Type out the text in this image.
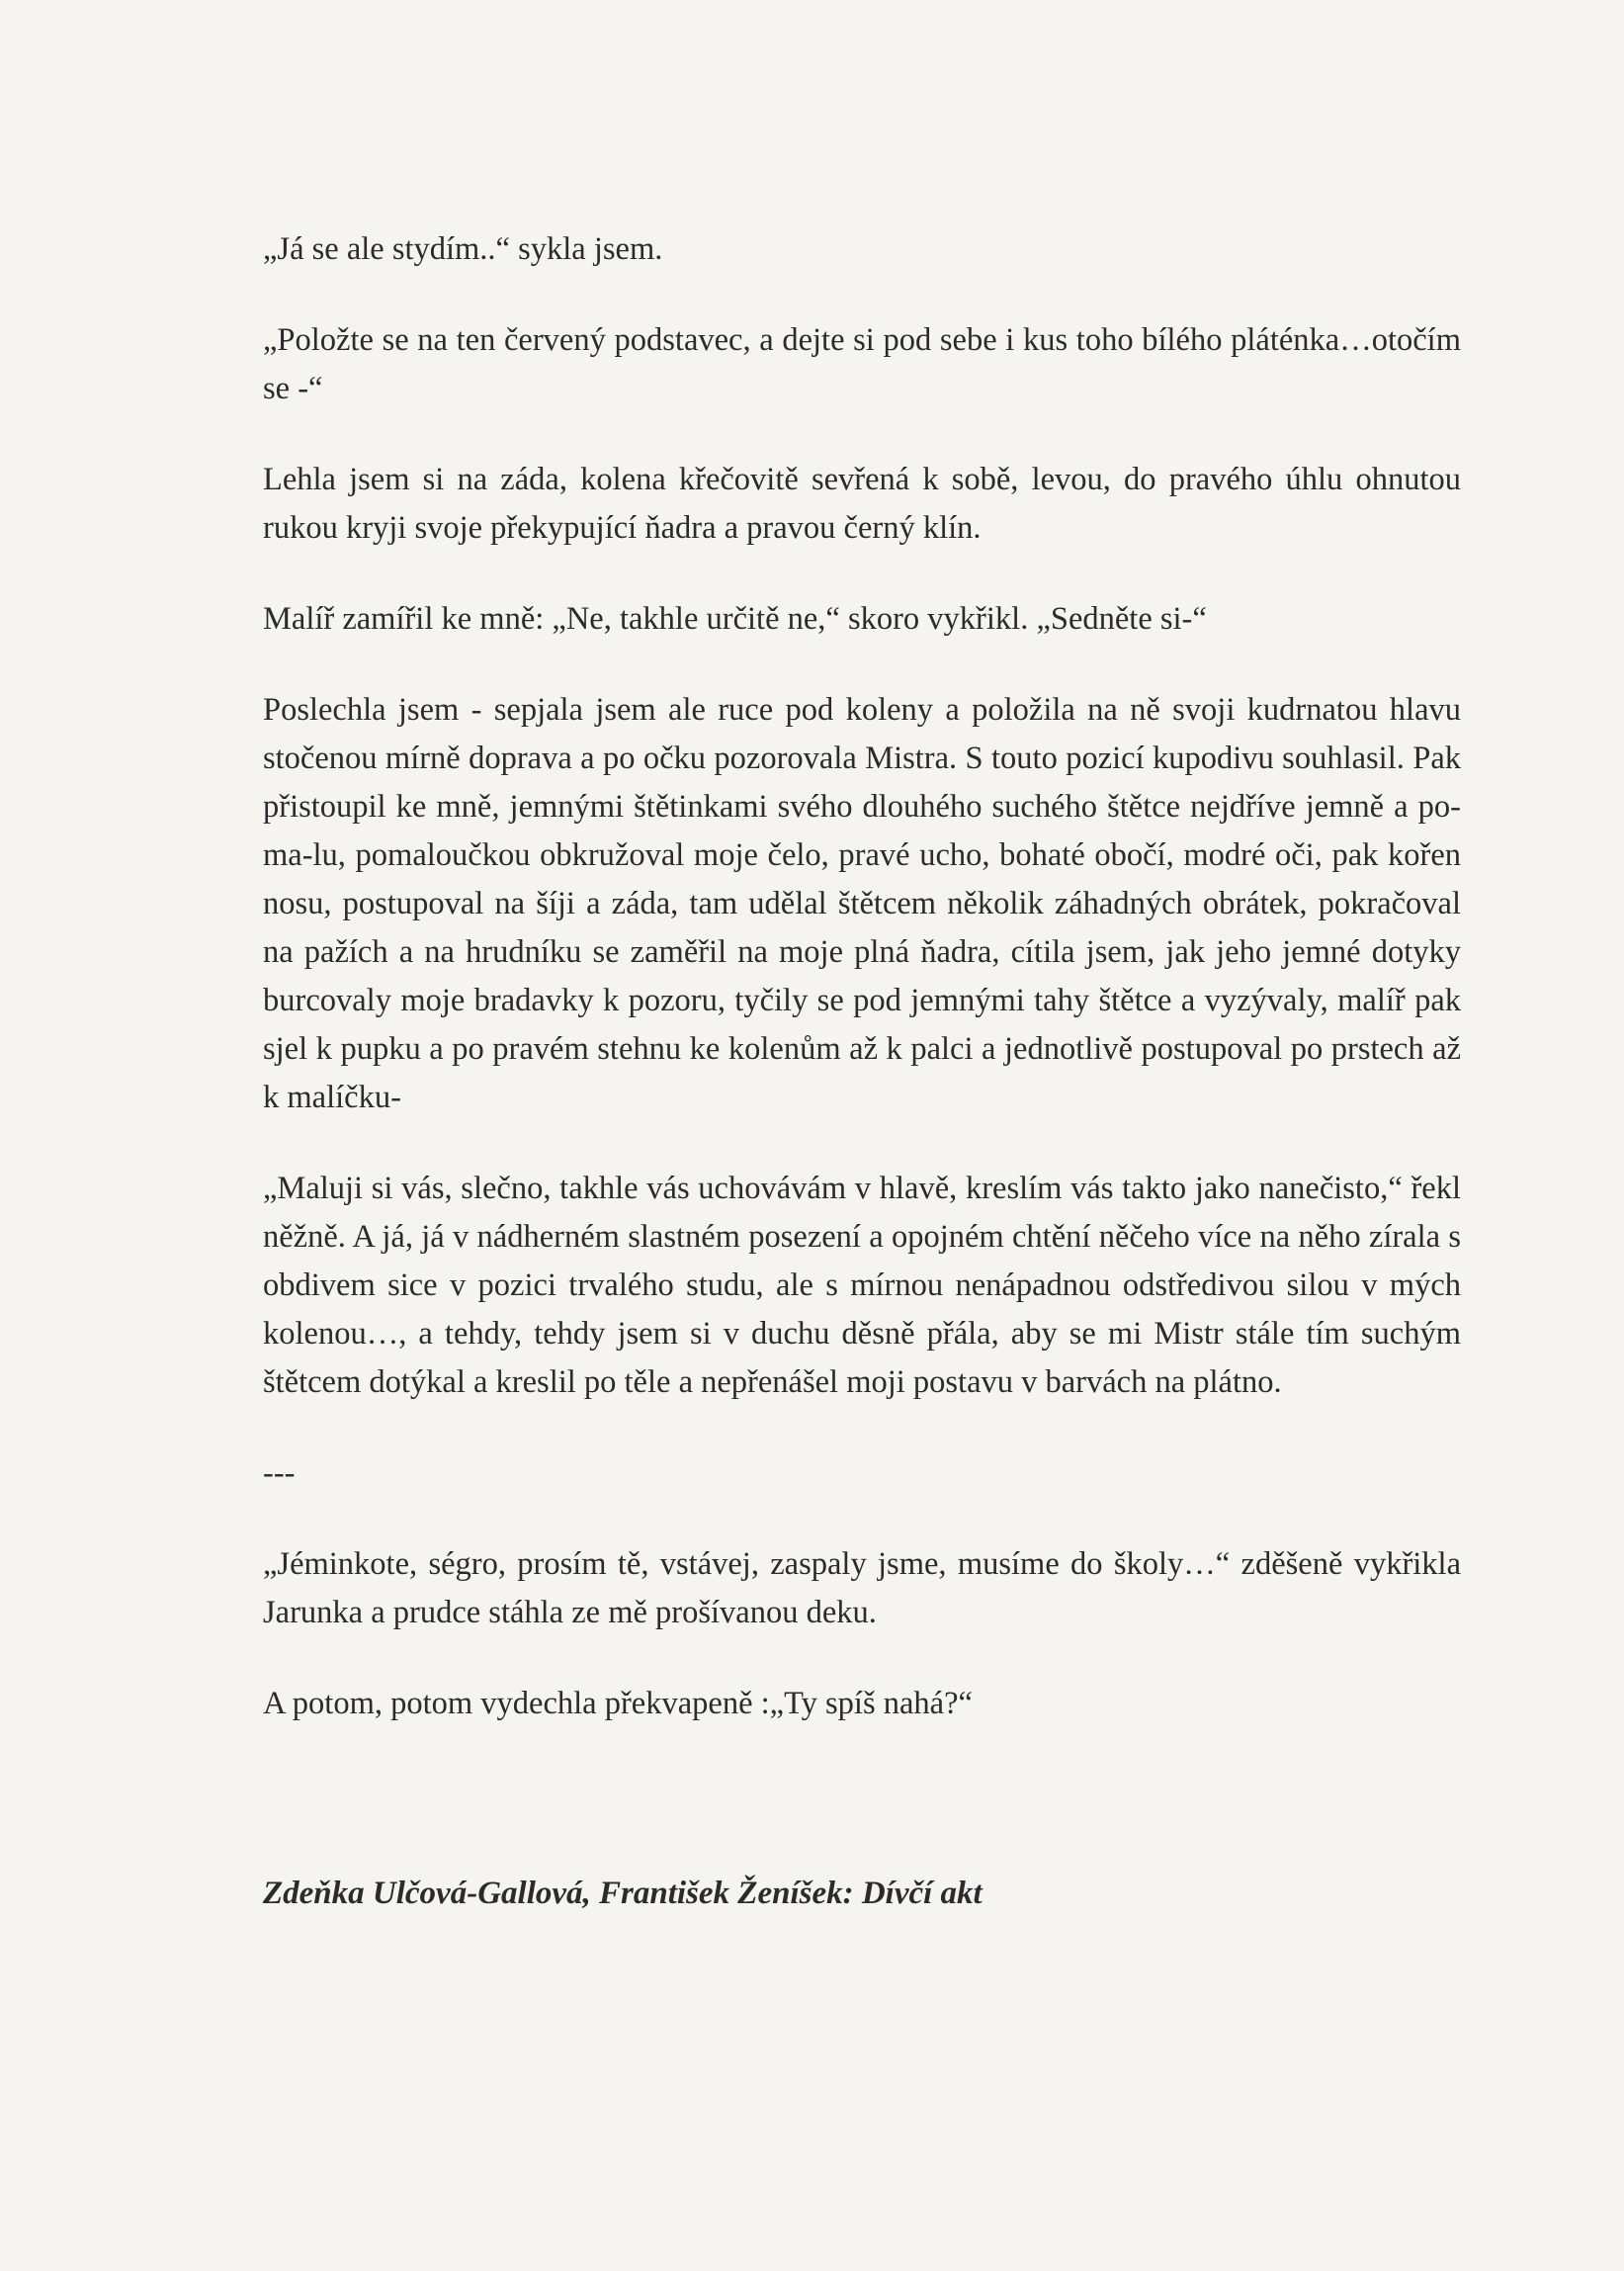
„Já se ale stydím..“ sykla jsem.

„Položte se na ten červený podstavec, a dejte si pod sebe i kus toho bílého pláténka…otočím se -“

Lehla jsem si na záda, kolena křečovitě sevřená k sobě, levou, do pravého úhlu ohnutou rukou kryji svoje překypující ňadra a pravou černý klín.

Malíř zamířil ke mně: „Ne, takhle určitě ne,“ skoro vykřikl. „Sedněte si-“

Poslechla jsem - sepjala jsem ale ruce pod koleny a položila na ně svoji kudrnatou hlavu stočenou mírně doprava a po očku pozorovala Mistra. S touto pozicí kupodivu souhlasil. Pak přistoupil ke mně, jemnými štětinkami svého dlouhého suchého štětce nejdříve jemně a po-ma-lu, pomaloučkou obkružoval moje čelo, pravé ucho, bohaté obočí, modré oči, pak kořen nosu, postupoval na šíji a záda, tam udělal štětcem několik záhadných obrátek, pokračoval na pažích a na hrudníku se zaměřil na moje plná ňadra, cítila jsem, jak jeho jemné dotyky burcovaly moje bradavky k pozoru, tyčily se pod jemnými tahy štětce a vyzývaly, malíř pak sjel k pupku a po pravém stehnu ke kolenům až k palci a jednotlivě postupoval po prstech až k malíčku-

„Maluji si vás, slečno, takhle vás uchovávám v hlavě, kreslím vás takto jako nanečisto,“ řekl něžně. A já, já v nádherném slastném posezení a opojném chtění něčeho více na něho zírala s obdivem sice v pozici trvalého studu, ale s mírnou nenápadnou odstředivou silou v mých kolenou…, a tehdy, tehdy jsem si v duchu děsně přála, aby se mi Mistr stále tím suchým štětcem dotýkal a kreslil po těle a nepřenášel moji postavu v barvách na plátno.

---

„Jéminkote, ségro, prosím tě, vstávej, zaspaly jsme, musíme do školy…“ zděšeně vykřikla Jarunka a prudce stáhla ze mě prošívanou deku.

A potom, potom vydechla překvapeně :„Ty spíš nahá?“

Zdeňka Ulčová-Gallová, František Ženíšek: Dívčí akt
